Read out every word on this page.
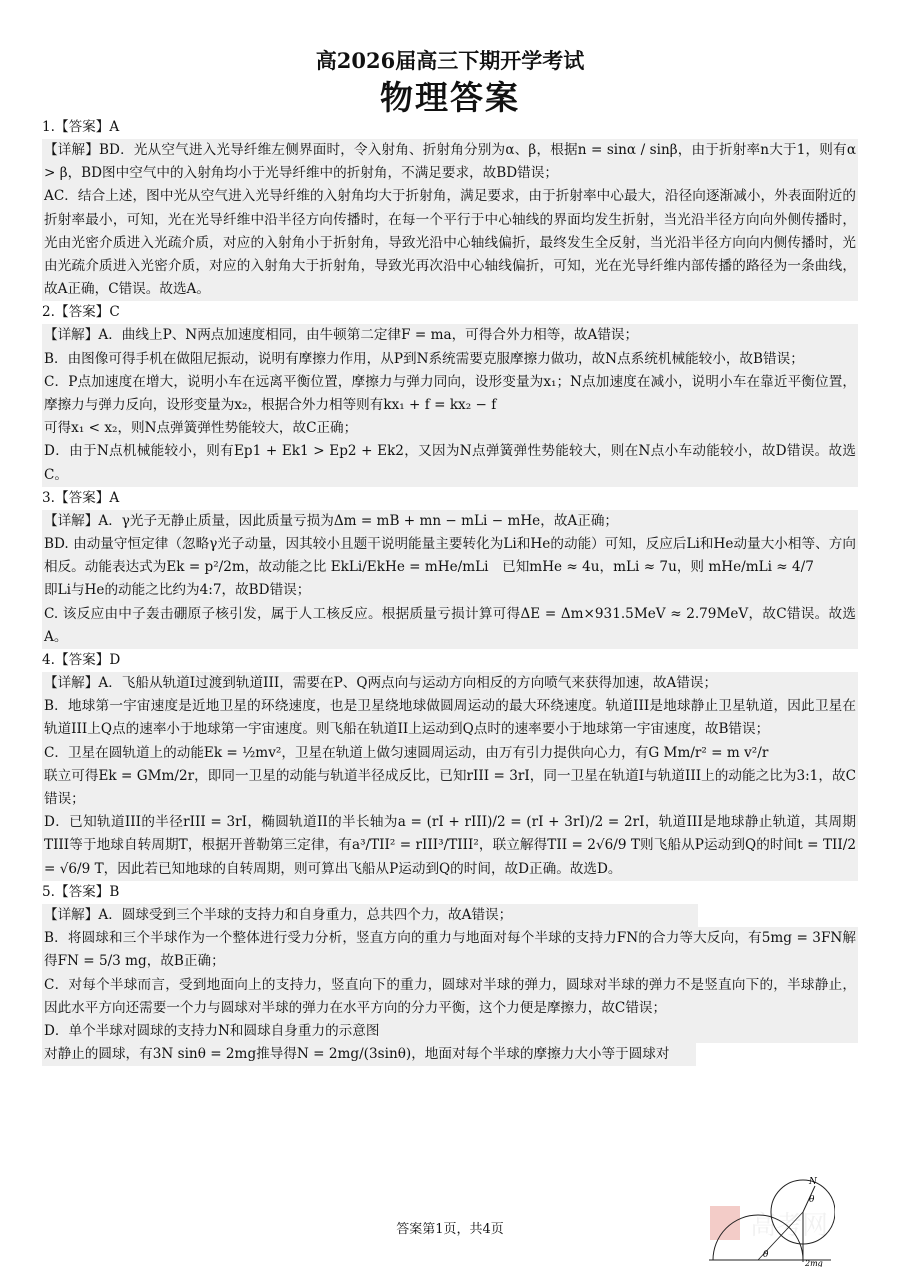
高2026届高三下期开学考试
物理答案
1.【答案】A

【详解】BD．光从空气进入光导纤维左侧界面时，令入射角、折射角分别为α、β，根据n = sinα / sinβ，由于折射率n大于1，则有α > β，BD图中空气中的入射角均小于光导纤维中的折射角，不满足要求，故BD错误；

AC．结合上述，图中光从空气进入光导纤维的入射角均大于折射角，满足要求，由于折射率中心最大，沿径向逐渐减小，外表面附近的折射率最小，可知，光在光导纤维中沿半径方向传播时，在每一个平行于中心轴线的界面均发生折射，当光沿半径方向向外侧传播时，光由光密介质进入光疏介质，对应的入射角小于折射角，导致光沿中心轴线偏折，最终发生全反射，当光沿半径方向向内侧传播时，光由光疏介质进入光密介质，对应的入射角大于折射角，导致光再次沿中心轴线偏折，可知，光在光导纤维内部传播的路径为一条曲线，故A正确，C错误。故选A。

2.【答案】C

【详解】A．曲线上P、N两点加速度相同，由牛顿第二定律F = ma，可得合外力相等，故A错误；

B．由图像可得手机在做阻尼振动，说明有摩擦力作用，从P到N系统需要克服摩擦力做功，故N点系统机械能较小，故B错误；

C．P点加速度在增大，说明小车在远离平衡位置，摩擦力与弹力同向，设形变量为x₁；N点加速度在减小，说明小车在靠近平衡位置，摩擦力与弹力反向，设形变量为x₂，根据合外力相等则有kx₁ + f = kx₂ − f

可得x₁ < x₂，则N点弹簧弹性势能较大，故C正确；

D．由于N点机械能较小，则有Ep1 + Ek1 > Ep2 + Ek2，又因为N点弹簧弹性势能较大，则在N点小车动能较小，故D错误。故选C。

3.【答案】A

【详解】A．γ光子无静止质量，因此质量亏损为Δm = mB + mn − mLi − mHe，故A正确；

BD. 由动量守恒定律（忽略γ光子动量，因其较小且题干说明能量主要转化为Li和He的动能）可知，反应后Li和He动量大小相等、方向相反。动能表达式为Ek = p²/2m，故动能之比 EkLi/EkHe = mHe/mLi　已知mHe ≈ 4u，mLi ≈ 7u，则 mHe/mLi ≈ 4/7

即Li与He的动能之比约为4:7，故BD错误；

C. 该反应由中子轰击硼原子核引发，属于人工核反应。根据质量亏损计算可得ΔE = Δm×931.5MeV ≈ 2.79MeV，故C错误。故选A。

4.【答案】D

【详解】A．飞船从轨道I过渡到轨道III，需要在P、Q两点向与运动方向相反的方向喷气来获得加速，故A错误；

B．地球第一宇宙速度是近地卫星的环绕速度，也是卫星绕地球做圆周运动的最大环绕速度。轨道III是地球静止卫星轨道，因此卫星在轨道III上Q点的速率小于地球第一宇宙速度。则飞船在轨道II上运动到Q点时的速率要小于地球第一宇宙速度，故B错误；

C．卫星在圆轨道上的动能Ek = ½mv²，卫星在轨道上做匀速圆周运动，由万有引力提供向心力，有G Mm/r² = m v²/r

联立可得Ek = GMm/2r，即同一卫星的动能与轨道半径成反比，已知rIII = 3rI，同一卫星在轨道I与轨道III上的动能之比为3:1，故C错误；

D．已知轨道III的半径rIII = 3rI，椭圆轨道II的半长轴为a = (rI + rIII)/2 = (rI + 3rI)/2 = 2rI，轨道III是地球静止轨道，其周期TIII等于地球自转周期T，根据开普勒第三定律，有a³/TII² = rIII³/TIII²，联立解得TII = 2√6/9 T则飞船从P运动到Q的时间t = TII/2 = √6/9 T，因此若已知地球的自转周期，则可算出飞船从P运动到Q的时间，故D正确。故选D。

5.【答案】B

【详解】A．圆球受到三个半球的支持力和自身重力，总共四个力，故A错误；

B．将圆球和三个半球作为一个整体进行受力分析，竖直方向的重力与地面对每个半球的支持力FN的合力等大反向，有5mg = 3FN解得FN = 5/3 mg，故B正确；

C．对每个半球而言，受到地面向上的支持力，竖直向下的重力，圆球对半球的弹力，圆球对半球的弹力不是竖直向下的，半球静止，因此水平方向还需要一个力与圆球对半球的弹力在水平方向的分力平衡，这个力便是摩擦力，故C错误；

D．单个半球对圆球的支持力N和圆球自身重力的示意图

对静止的圆球，有3N sinθ = 2mg推导得N = 2mg/(3sinθ)，地面对每个半球的摩擦力大小等于圆球对

高考网
N
θ
θ
2mg
答案第1页，共4页
